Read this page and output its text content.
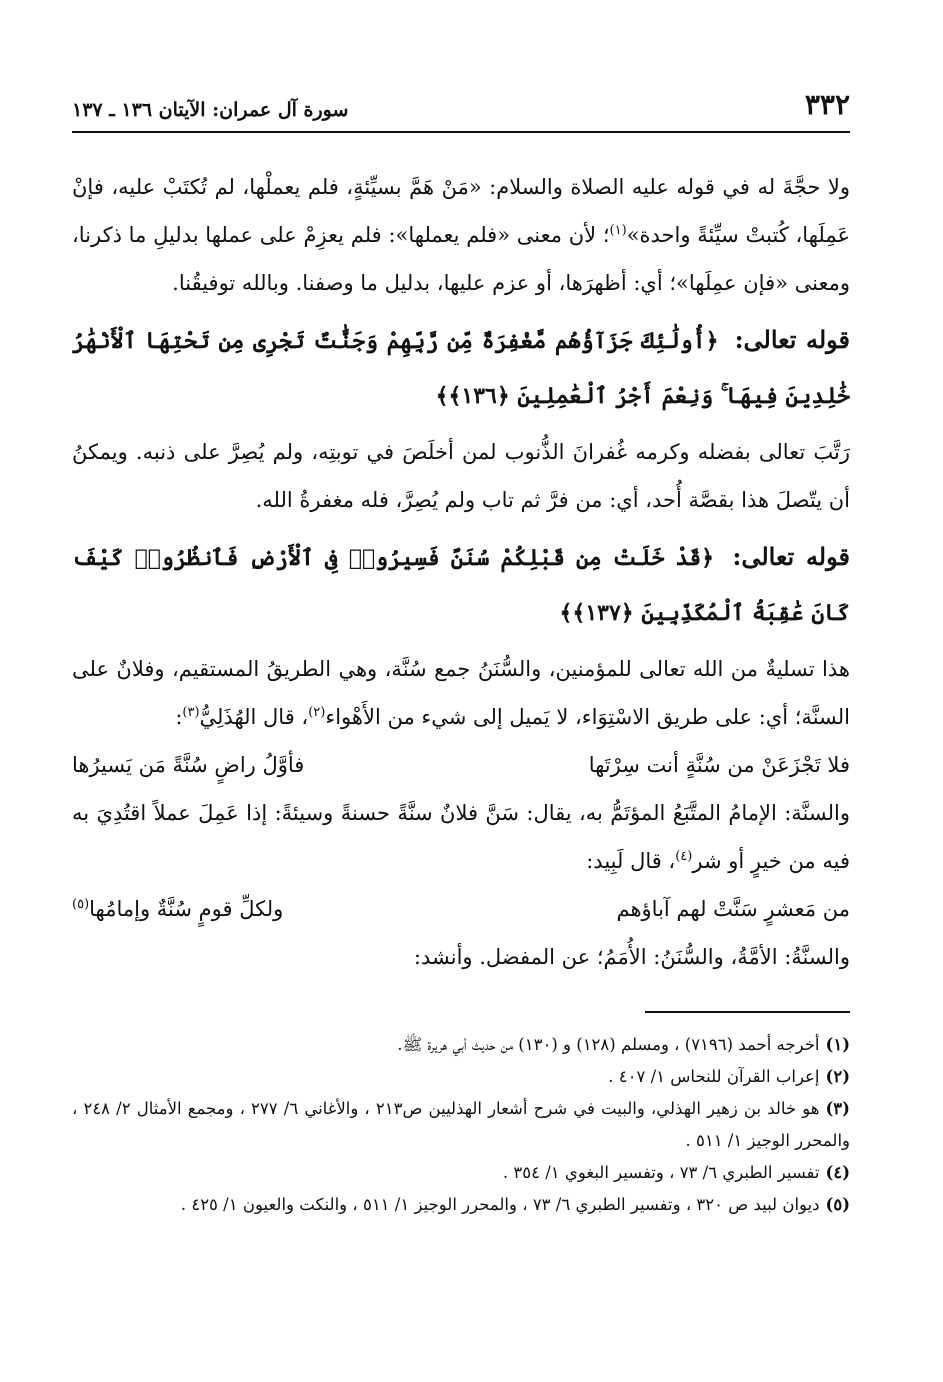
٣٣٢
سورة آل عمران: الآيتان ١٣٦ ـ ١٣٧

ولا حجَّةَ له في قوله عليه الصلاة والسلام: «مَنْ هَمَّ بسيِّئةٍ، فلم يعملْها، لم تُكتَبْ عليه، فإنْ عَمِلَها، كُتبتْ سيِّئةً واحدة»$^{(١)}$؛ لأن معنى «فلم يعملها»: فلم يعزِمْ على عملها بدليلِ ما ذكرنا، ومعنى «فإن عمِلَها»؛ أي: أظهرَها، أو عزم عليها، بدليل ما وصفنا. وبالله توفيقُنا.

قوله تعالى: ﴿أُولَٰئِكَ جَزَآؤُهُم مَّغْفِرَةٌ مِّن رَّبِّهِمْ وَجَنَّٰتٌ تَجْرِى مِن تَحْتِهَا ٱلْأَنْهَٰرُ خَٰلِدِينَ فِيهَا ۚ وَنِعْمَ أَجْرُ ٱلْعَٰمِلِينَ ﴿١٣٦﴾﴾

رَتَّبَ تعالى بفضله وكرمه غُفرانَ الذُّنوب لمن أخلَصَ في توبتِه، ولم يُصِرَّ على ذنبه. ويمكنُ أن يتّصلَ هذا بقصَّة أُحد، أي: من فرَّ ثم تاب ولم يُصِرَّ، فله مغفرةُ الله.

قوله تعالى: ﴿قَدْ خَلَتْ مِن قَبْلِكُمْ سُنَنٌ فَسِيرُوا۟ فِى ٱلْأَرْضِ فَٱنظُرُوا۟ كَيْفَ كَانَ عَٰقِبَةُ ٱلْمُكَذِّبِينَ ﴿١٣٧﴾﴾

هذا تسليةٌ من الله تعالى للمؤمنين، والسُّنَنُ جمع سُنَّة، وهي الطريقُ المستقيم، وفلانٌ على السنَّة؛ أي: على طريق الاسْتِوَاء، لا يَميل إلى شيء من الأَهْواء$^{(٢)}$، قال الهُذَلِيُّ$^{(٣)}$:

فلا تَجْزَعَنْ من سُنَّةٍ أنت سِرْتَها
فأوَّلُ راضٍ سُنَّةً مَن يَسيرُها

والسنَّة: الإمامُ المتَّبَعُ المؤتَمُّ به، يقال: سَنَّ فلانٌ سنَّةً حسنةً وسيئةً: إذا عَمِلَ عملاً اقتُدِيَ به فيه من خيرٍ أو شر$^{(٤)}$، قال لَبِيد:

من مَعشرٍ سَنَّتْ لهم آباؤهم
ولكلِّ قومٍ سُنَّةٌ وإمامُها(٥)

والسنَّةُ: الأمَّةُ، والسُّنَنُ: الأُمَمُ؛ عن المفضل. وأنشد:

(١)أخرجه أحمد (٧١٩٦) ، ومسلم (١٢٨) و (١٣٠) من حديث أبي هريرة ﷺ.

(٢)إعراب القرآن للنحاس ١/ ٤٠٧ .

(٣)هو خالد بن زهير الهذلي، والبيت في شرح أشعار الهذليين ص٢١٣ ، والأغاني ٦/ ٢٧٧ ، ومجمع الأمثال ٢/ ٢٤٨ ، والمحرر الوجيز ١/ ٥١١ .

(٤)تفسير الطبري ٦/ ٧٣ ، وتفسير البغوي ١/ ٣٥٤ .

(٥)ديوان لبيد ص ٣٢٠ ، وتفسير الطبري ٦/ ٧٣ ، والمحرر الوجيز ١/ ٥١١ ، والنكت والعيون ١/ ٤٢٥ .
